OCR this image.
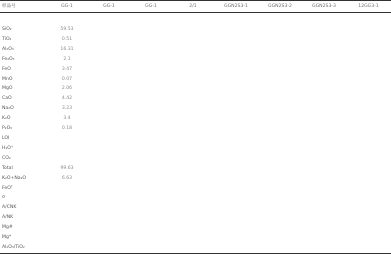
样品号	GG-1	GG-1	GG-1	2/1	GGN2S3-1	GGN2S3-2	GGN2S3-3	12GG3-1

SiO₂	59.53							
TiO₂	0.51							
Al₂O₃	16.31							
Fe₂O₃	2.1							
FeO	3.47							
MnO	0.07							
MgO	2.06							
CaO	4.42							
Na₂O	3.23							
K₂O	3.4							
P₂O₅	0.18							
LOI								
H₂O⁺								
CO₂								
Total	99.63							
K₂O+Na₂O	6.63							
FeOᵀ								
σ								
A/CNK								
A/NK								
Mg#								
Mg*								
Al₂O₃/TiO₂								
